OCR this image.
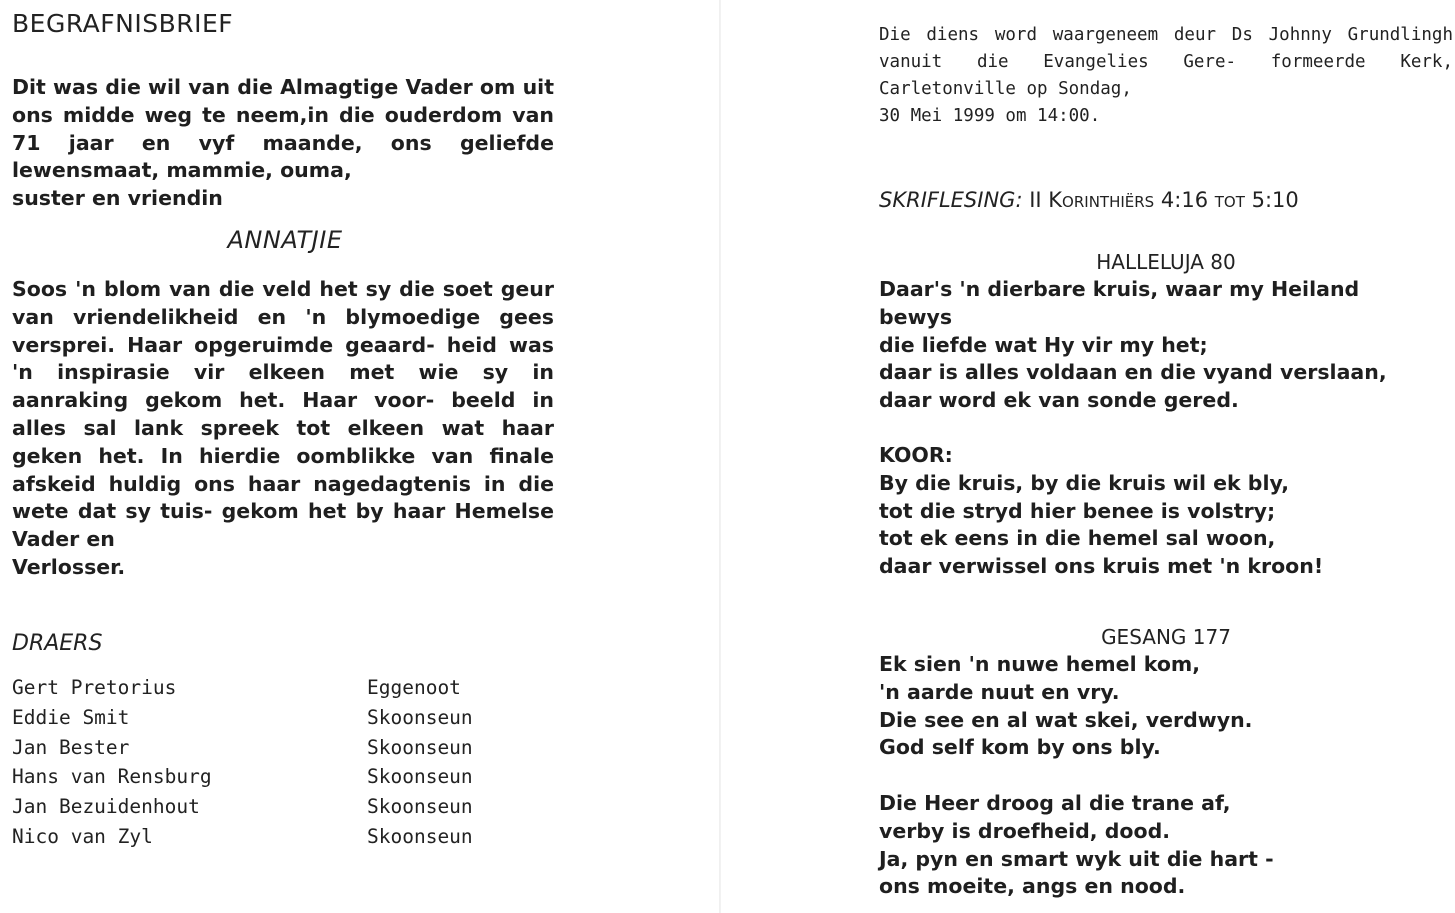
BEGRAFNISBRIEF
Dit was die wil van die Almagtige Vader om uit ons midde weg te neem,in die ouderdom van 71 jaar en vyf maande, ons geliefde lewensmaat, mammie, ouma,
suster en vriendin
ANNATJIE
Soos 'n blom van die veld het sy die soet geur van vriendelikheid en 'n blymoedige gees versprei. Haar opgeruimde geaard- heid was 'n inspirasie vir elkeen met wie sy in aanraking gekom het. Haar voor- beeld in alles sal lank spreek tot elkeen wat haar geken het. In hierdie oomblikke van finale afskeid huldig ons haar nagedagtenis in die wete dat sy tuis- gekom het by haar Hemelse Vader en
Verlosser.
DRAERS
Gert Pretorius	Eggenoot
Eddie Smit	Skoonseun
Jan Bester	Skoonseun
Hans van Rensburg	Skoonseun
Jan Bezuidenhout	Skoonseun
Nico van Zyl	Skoonseun
Die diens word waargeneem deur Ds Johnny Grundlingh vanuit die Evangelies Gere- formeerde Kerk, Carletonville op Sondag,
30 Mei 1999 om 14:00.
SKRIFLESING: II Korinthiërs 4:16 tot 5:10
HALLELUJA 80
Daar's 'n dierbare kruis, waar my Heiland
bewys
die liefde wat Hy vir my het;
daar is alles voldaan en die vyand verslaan,
daar word ek van sonde gered.
KOOR:
By die kruis, by die kruis wil ek bly,
tot die stryd hier benee is volstry;
tot ek eens in die hemel sal woon,
daar verwissel ons kruis met 'n kroon!
GESANG 177
Ek sien 'n nuwe hemel kom,
'n aarde nuut en vry.
Die see en al wat skei, verdwyn.
God self kom by ons bly.
Die Heer droog al die trane af,
verby is droefheid, dood.
Ja, pyn en smart wyk uit die hart -
ons moeite, angs en nood.
